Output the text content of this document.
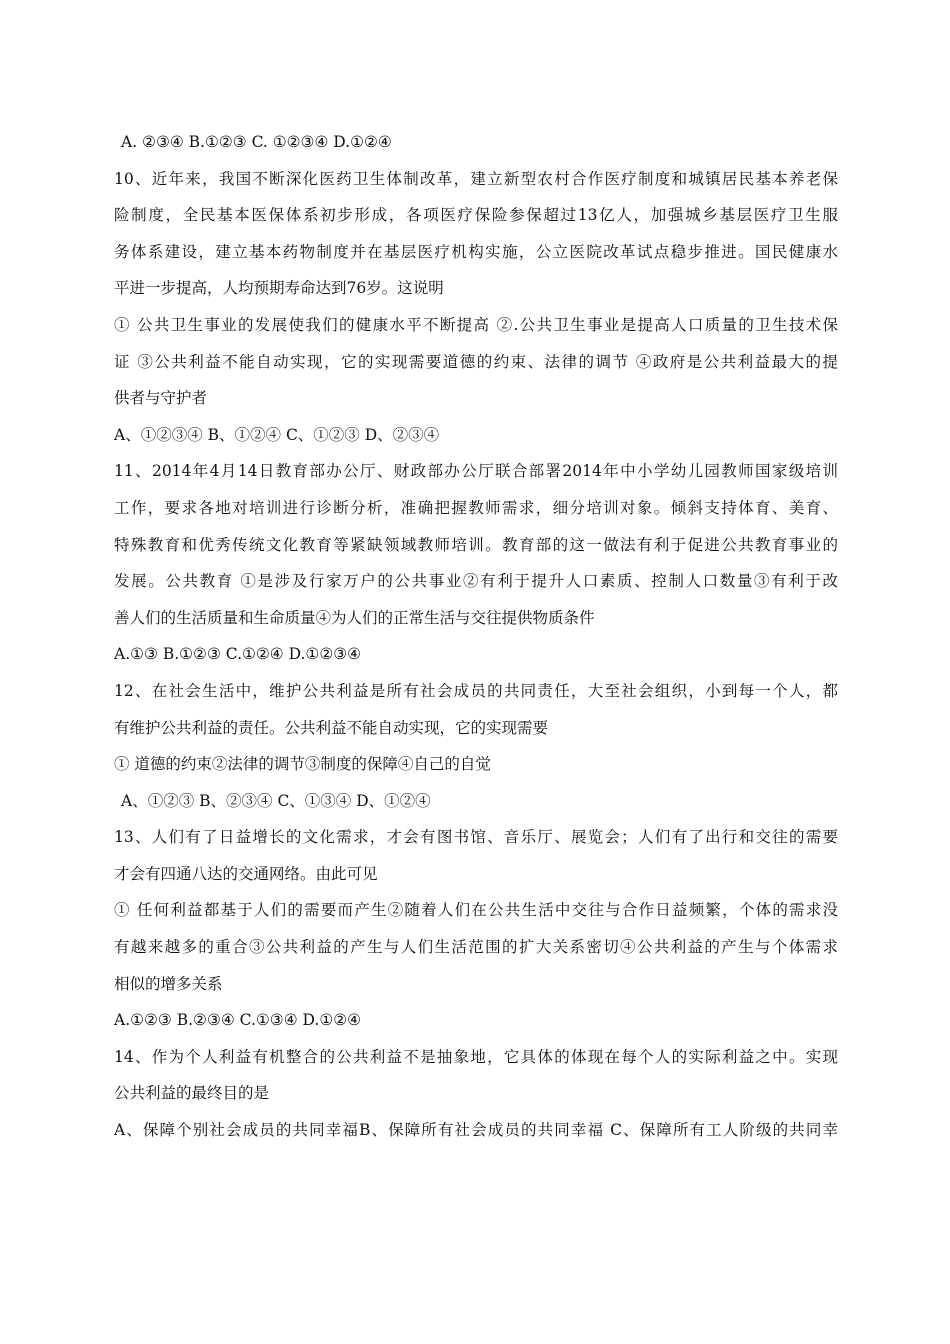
A. ②③④ B.①②③ C. ①②③④ D.①②④
10、近年来，我国不断深化医药卫生体制改革，建立新型农村合作医疗制度和城镇居民基本养老保
险制度，全民基本医保体系初步形成，各项医疗保险参保超过13亿人，加强城乡基层医疗卫生服
务体系建设，建立基本药物制度并在基层医疗机构实施，公立医院改革试点稳步推进。国民健康水
平进一步提高，人均预期寿命达到76岁。这说明
① 公共卫生事业的发展使我们的健康水平不断提高 ②.公共卫生事业是提高人口质量的卫生技术保
证 ③公共利益不能自动实现，它的实现需要道德的约束、法律的调节 ④政府是公共利益最大的提
供者与守护者
A、①②③④ B、①②④ C、①②③ D、②③④
11、2014年4月14日教育部办公厅、财政部办公厅联合部署2014年中小学幼儿园教师国家级培训
工作，要求各地对培训进行诊断分析，准确把握教师需求，细分培训对象。倾斜支持体育、美育、
特殊教育和优秀传统文化教育等紧缺领域教师培训。教育部的这一做法有利于促进公共教育事业的
发展。公共教育 ①是涉及行家万户的公共事业②有利于提升人口素质、控制人口数量③有利于改
善人们的生活质量和生命质量④为人们的正常生活与交往提供物质条件
A.①③ B.①②③ C.①②④ D.①②③④
12、在社会生活中，维护公共利益是所有社会成员的共同责任，大至社会组织，小到每一个人，都
有维护公共利益的责任。公共利益不能自动实现，它的实现需要
① 道德的约束②法律的调节③制度的保障④自己的自觉
A、①②③ B、②③④ C、①③④ D、①②④
13、人们有了日益增长的文化需求，才会有图书馆、音乐厅、展览会；人们有了出行和交往的需要
才会有四通八达的交通网络。由此可见
① 任何利益都基于人们的需要而产生②随着人们在公共生活中交往与合作日益频繁，个体的需求没
有越来越多的重合③公共利益的产生与人们生活范围的扩大关系密切④公共利益的产生与个体需求
相似的增多关系
A.①②③ B.②③④ C.①③④ D.①②④
14、作为个人利益有机整合的公共利益不是抽象地，它具体的体现在每个人的实际利益之中。实现
公共利益的最终目的是
A、保障个别社会成员的共同幸福B、保障所有社会成员的共同幸福 C、保障所有工人阶级的共同幸
